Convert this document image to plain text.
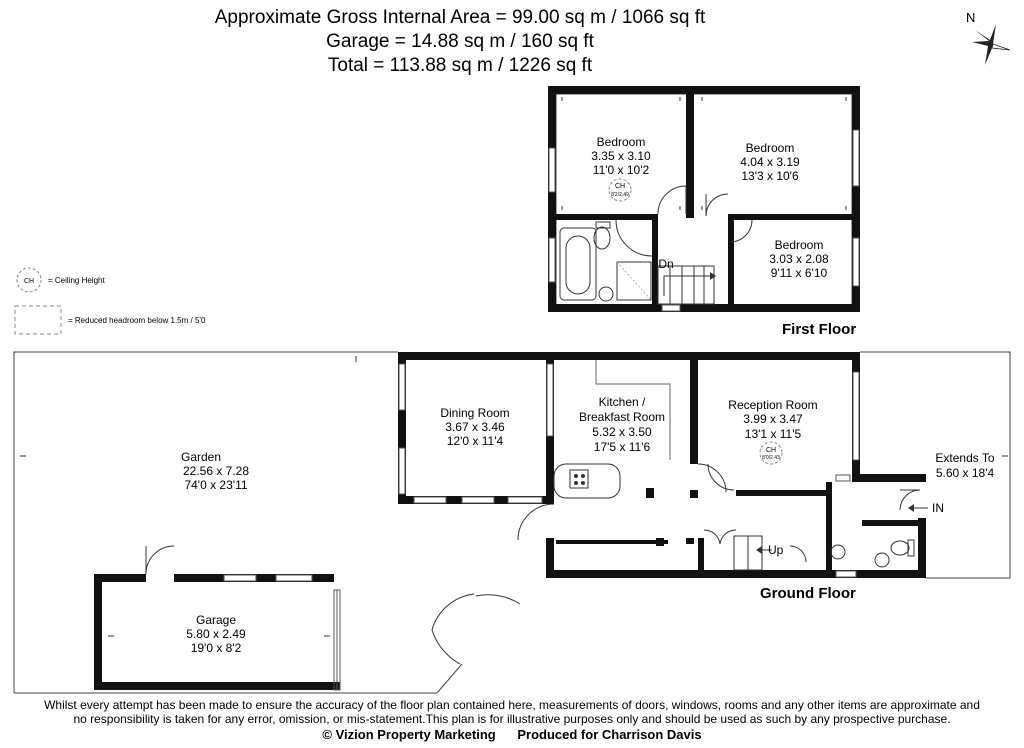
Approximate Gross Internal Area = 99.00 sq m / 1066 sq ft
Garage = 14.88 sq m / 160 sq ft
Total = 113.88 sq m / 1226 sq ft
N
CH = Ceiling Height
= Reduced headroom below 1.5m / 5'0
Bedroom
3.35 x 3.10
11'0 x 10'2
CH
8'2/2.49
Bedroom
4.04 x 3.19
13'3 x 10'6
Bedroom
3.03 x 2.08
9'11 x 6'10
Dn
First Floor
Garden
22.56 x 7.28
74'0 x 23'11
Dining Room
3.67 x 3.46
12'0 x 11'4
Kitchen /
Breakfast Room
5.32 x 3.50
17'5 x 11'6
Reception Room
3.99 x 3.47
13'1 x 11'5
CH
8'0/2.43	Extends To
5.60 x 18'4
Garage
5.80 x 2.49
19'0 x 8'2
IN
Up
Ground Floor
Whilst every attempt has been made to ensure the accuracy of the floor plan contained here, measurements of doors, windows, rooms and any other items are approximate and
no responsibility is taken for any error, omission, or mis-statement.This plan is for illustrative purposes only and should be used as such by any prospective purchase.
© Vizion Property Marketing Produced for Charrison Davis
